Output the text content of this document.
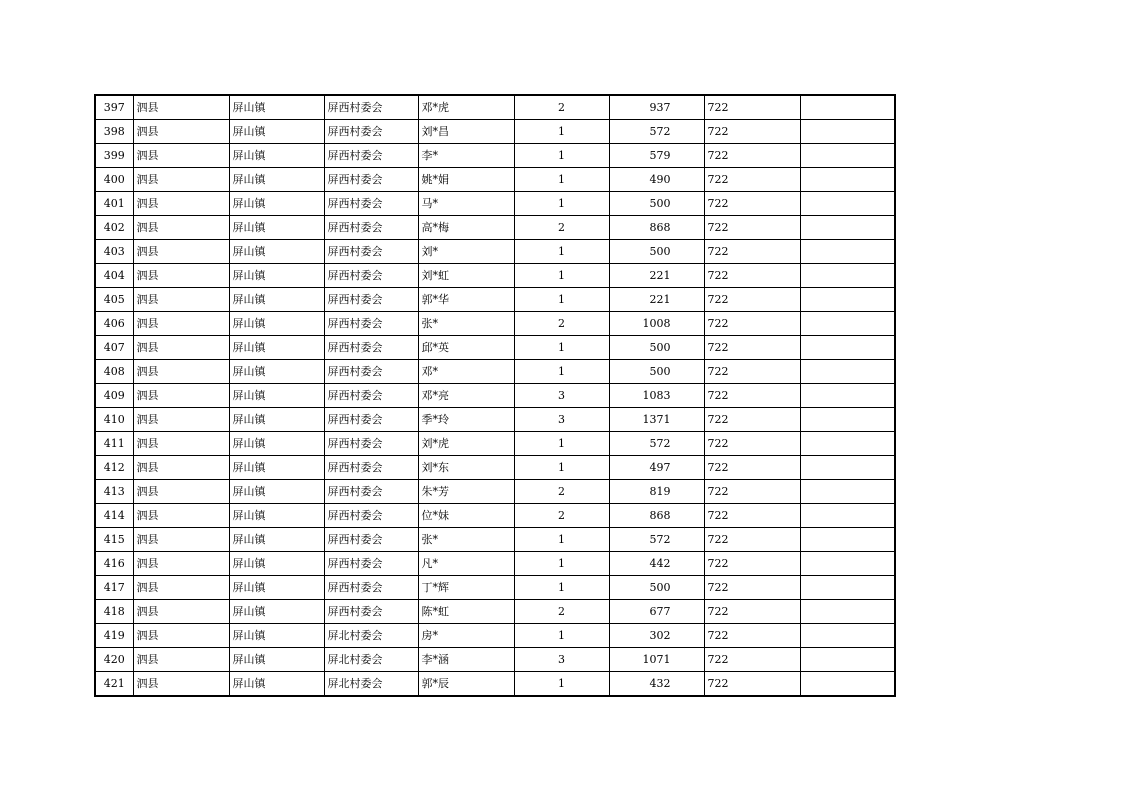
397	泗县	屏山镇	屏西村委会	邓*虎	2	937	722	
398	泗县	屏山镇	屏西村委会	刘*昌	1	572	722	
399	泗县	屏山镇	屏西村委会	李*	1	579	722	
400	泗县	屏山镇	屏西村委会	姚*娟	1	490	722	
401	泗县	屏山镇	屏西村委会	马*	1	500	722	
402	泗县	屏山镇	屏西村委会	高*梅	2	868	722	
403	泗县	屏山镇	屏西村委会	刘*	1	500	722	
404	泗县	屏山镇	屏西村委会	刘*虹	1	221	722	
405	泗县	屏山镇	屏西村委会	郭*华	1	221	722	
406	泗县	屏山镇	屏西村委会	张*	2	1008	722	
407	泗县	屏山镇	屏西村委会	邱*英	1	500	722	
408	泗县	屏山镇	屏西村委会	邓*	1	500	722	
409	泗县	屏山镇	屏西村委会	邓*亮	3	1083	722	
410	泗县	屏山镇	屏西村委会	季*玲	3	1371	722	
411	泗县	屏山镇	屏西村委会	刘*虎	1	572	722	
412	泗县	屏山镇	屏西村委会	刘*东	1	497	722	
413	泗县	屏山镇	屏西村委会	朱*芳	2	819	722	
414	泗县	屏山镇	屏西村委会	位*妹	2	868	722	
415	泗县	屏山镇	屏西村委会	张*	1	572	722	
416	泗县	屏山镇	屏西村委会	凡*	1	442	722	
417	泗县	屏山镇	屏西村委会	丁*辉	1	500	722	
418	泗县	屏山镇	屏西村委会	陈*虹	2	677	722	
419	泗县	屏山镇	屏北村委会	房*	1	302	722	
420	泗县	屏山镇	屏北村委会	李*涵	3	1071	722	
421	泗县	屏山镇	屏北村委会	郭*辰	1	432	722	
